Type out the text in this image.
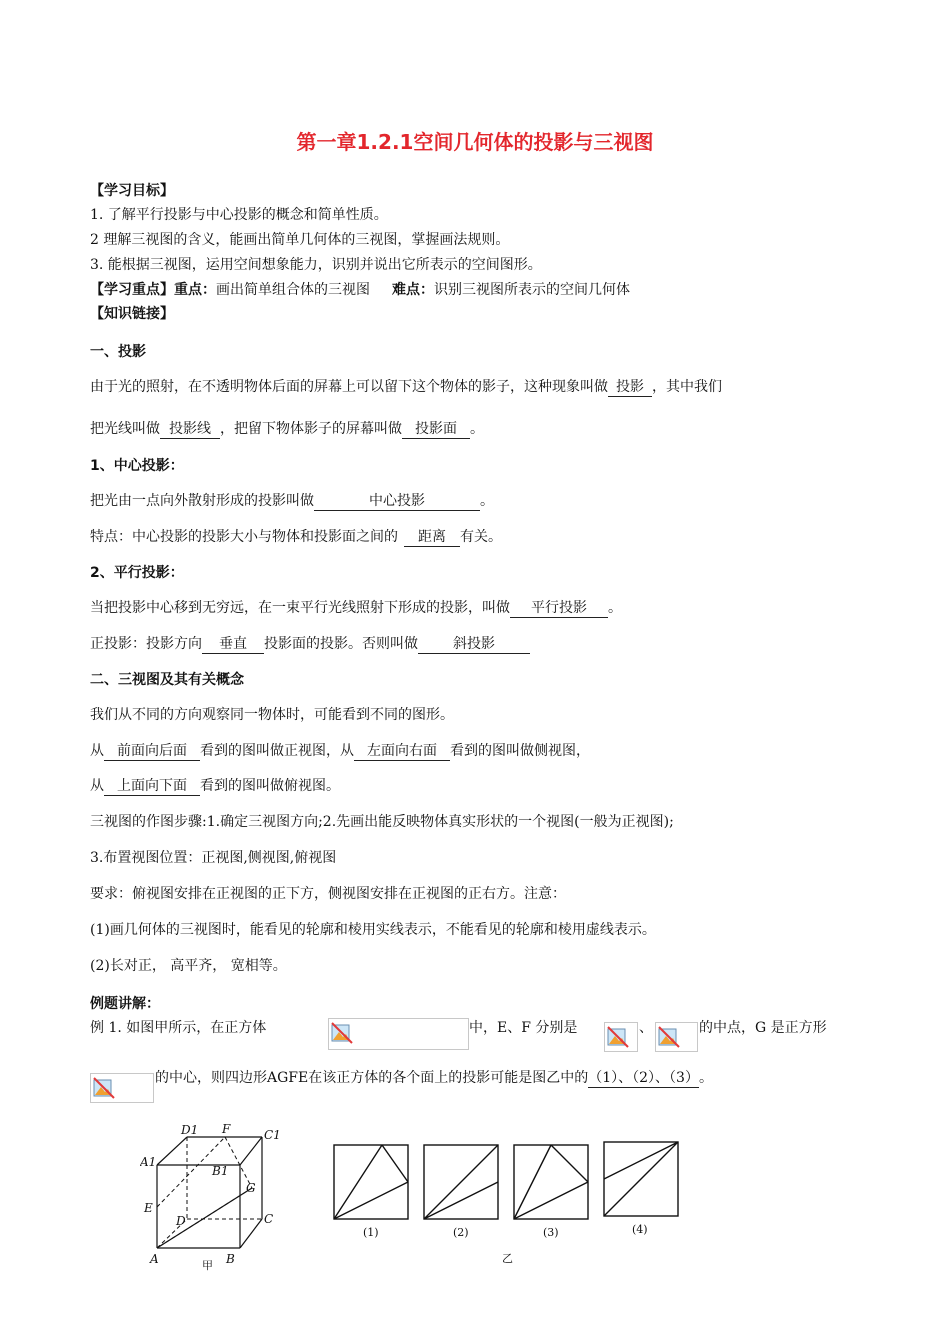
第一章1.2.1空间几何体的投影与三视图
【学习目标】
1. 了解平行投影与中心投影的概念和简单性质。
2 理解三视图的含义，能画出简单几何体的三视图，掌握画法规则。
3. 能根据三视图，运用空间想象能力，识别并说出它所表示的空间图形。
【学习重点】重点：画出简单组合体的三视图 难点：识别三视图所表示的空间几何体
【知识链接】
一、投影
由于光的照射，在不透明物体后面的屏幕上可以留下这个物体的影子，这种现象叫做 投影 ，其中我们
把光线叫做 投影线 ，把留下物体影子的屏幕叫做 投影面 。
1、中心投影：
把光由一点向外散射形成的投影叫做	中心投影	。
特点：中心投影的投影大小与物体和投影面之间的 距离 有关。
2、平行投影：
当把投影中心移到无穷远，在一束平行光线照射下形成的投影，叫做 平行投影 。
正投影：投影方向 垂直 投影面的投影。否则叫做	斜投影
二、三视图及其有关概念
我们从不同的方向观察同一物体时，可能看到不同的图形。
从 前面向后面 看到的图叫做正视图，从 左面向右面 看到的图叫做侧视图，
从 上面向下面 看到的图叫做俯视图。
三视图的作图步骤:1.确定三视图方向;2.先画出能反映物体真实形状的一个视图(一般为正视图);
3.布置视图位置：正视图,侧视图,俯视图
要求：俯视图安排在正视图的正下方，侧视图安排在正视图的正右方。注意：
(1)画几何体的三视图时，能看见的轮廓和棱用实线表示，不能看见的轮廓和棱用虚线表示。
(2)长对正， 高平齐， 宽相等。
例题讲解：
例 1. 如图甲所示，在正方体	中，E、F 分别是	、	的中点，G 是正方形
的中心，则四边形AGFE在该正方体的各个面上的投影可能是图乙中的（1）、（2）、（3）。
D1 F	C1
A1
B1
E
G
D	C
A	B
甲
(1)	(2)	(3)	(4)
乙
